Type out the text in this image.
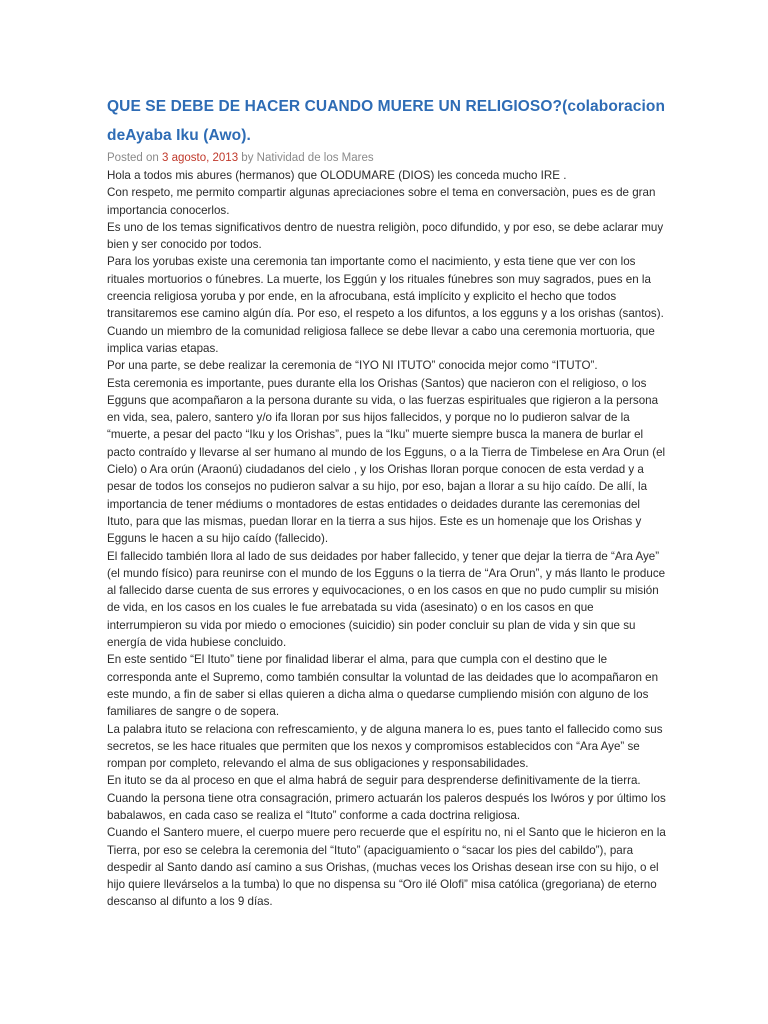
QUE SE DEBE DE HACER CUANDO MUERE UN RELIGIOSO?(colaboracion deAyaba Iku (Awo).
Posted on 3 agosto, 2013 by Natividad de los Mares

Hola a todos mis abures (hermanos) que OLODUMARE (DIOS) les conceda mucho IRE .

Con respeto, me permito compartir algunas apreciaciones sobre el tema en conversaciòn, pues es de gran importancia conocerlos.

Es uno de los temas significativos dentro de nuestra religiòn, poco difundido, y por eso, se debe aclarar muy bien y ser conocido por todos.

Para los yorubas existe una ceremonia tan importante como el nacimiento, y esta tiene que ver con los rituales mortuorios o fúnebres. La muerte, los Eggún y los rituales fúnebres son muy sagrados, pues en la creencia religiosa yoruba y por ende, en la afrocubana, está implícito y explicito el hecho que todos transitaremos ese camino algún día. Por eso, el respeto a los difuntos, a los egguns y a los orishas (santos).

Cuando un miembro de la comunidad religiosa fallece se debe llevar a cabo una ceremonia mortuoria, que implica varias etapas.

Por una parte, se debe realizar la ceremonia de “IYO NI ITUTO” conocida mejor como “ITUTO”.

Esta ceremonia es importante, pues durante ella los Orishas (Santos) que nacieron con el religioso, o los Egguns que acompañaron a la persona durante su vida, o las fuerzas espirituales que rigieron a la persona en vida, sea, palero, santero y/o ifa lloran por sus hijos fallecidos, y porque no lo pudieron salvar de la “muerte, a pesar del pacto “Iku y los Orishas”, pues la “Iku” muerte siempre busca la manera de burlar el pacto contraído y llevarse al ser humano al mundo de los Egguns, o a la Tierra de Timbelese en Ara Orun (el Cielo) o Ara orún (Araonú) ciudadanos del cielo , y los Orishas lloran porque conocen de esta verdad y a pesar de todos los consejos no pudieron salvar a su hijo, por eso, bajan a llorar a su hijo caído. De allí, la importancia de tener médiums o montadores de estas entidades o deidades durante las ceremonias del Ituto, para que las mismas, puedan llorar en la tierra a sus hijos. Este es un homenaje que los Orishas y Egguns le hacen a su hijo caído (fallecido).

El fallecido también llora al lado de sus deidades por haber fallecido, y tener que dejar la tierra de “Ara Aye” (el mundo físico) para reunirse con el mundo de los Egguns o la tierra de “Ara Orun”, y más llanto le produce al fallecido darse cuenta de sus errores y equivocaciones, o en los casos en que no pudo cumplir su misión de vida, en los casos en los cuales le fue arrebatada su vida (asesinato) o en los casos en que interrumpieron su vida por miedo o emociones (suicidio) sin poder concluir su plan de vida y sin que su energía de vida hubiese concluido.

En este sentido “El Ituto” tiene por finalidad liberar el alma, para que cumpla con el destino que le corresponda ante el Supremo, como también consultar la voluntad de las deidades que lo acompañaron en este mundo, a fin de saber si ellas quieren a dicha alma o quedarse cumpliendo misión con alguno de los familiares de sangre o de sopera.

La palabra ituto se relaciona con refrescamiento, y de alguna manera lo es, pues tanto el fallecido como sus secretos, se les hace rituales que permiten que los nexos y compromisos establecidos con “Ara Aye” se rompan por completo, relevando el alma de sus obligaciones y responsabilidades.

En ituto se da al proceso en que el alma habrá de seguir para desprenderse definitivamente de la tierra.

Cuando la persona tiene otra consagración, primero actuarán los paleros después los Iwóros y por último los babalawos, en cada caso se realiza el “Ituto” conforme a cada doctrina religiosa.

Cuando el Santero muere, el cuerpo muere pero recuerde que el espíritu no, ni el Santo que le hicieron en la Tierra, por eso se celebra la ceremonia del “Ituto” (apaciguamiento o “sacar los pies del cabildo”), para despedir al Santo dando así camino a sus Orishas, (muchas veces los Orishas desean irse con su hijo, o el hijo quiere llevárselos a la tumba) lo que no dispensa su “Oro ilé Olofi” misa católica (gregoriana) de eterno descanso al difunto a los 9 días.
